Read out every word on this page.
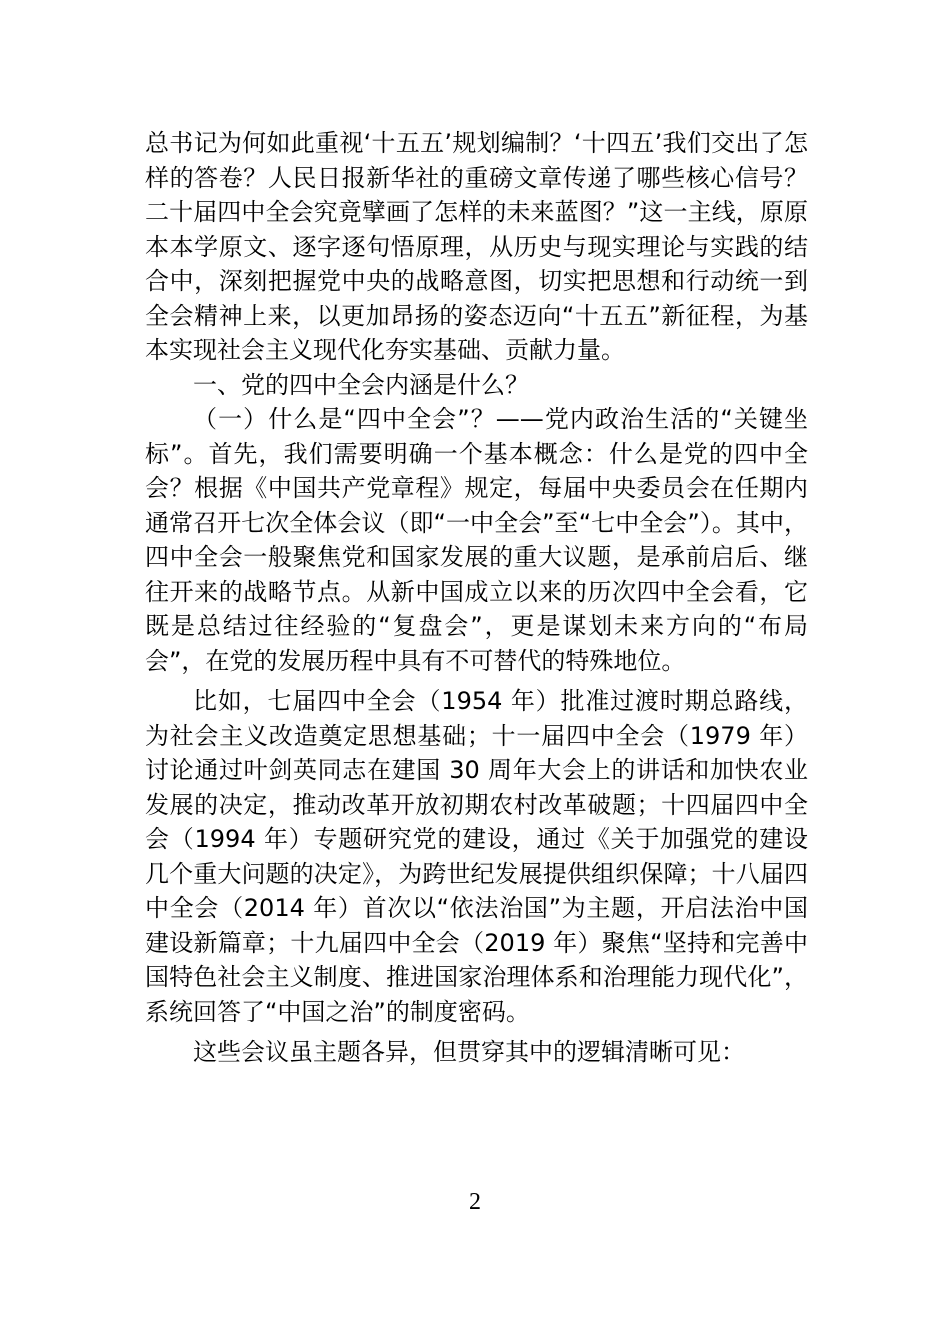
总书记为何如此重视‘十五五’规划编制？‘十四五’我们交出了怎样的答卷？人民日报新华社的重磅文章传递了哪些核心信号？二十届四中全会究竟擘画了怎样的未来蓝图？”这一主线，原原本本学原文、逐字逐句悟原理，从历史与现实理论与实践的结合中，深刻把握党中央的战略意图，切实把思想和行动统一到全会精神上来，以更加昂扬的姿态迈向“十五五”新征程，为基本实现社会主义现代化夯实基础、贡献力量。

一、党的四中全会内涵是什么？

（一）什么是“四中全会”？——党内政治生活的“关键坐标”。首先，我们需要明确一个基本概念：什么是党的四中全会？根据《中国共产党章程》规定，每届中央委员会在任期内通常召开七次全体会议（即“一中全会”至“七中全会”）。其中，四中全会一般聚焦党和国家发展的重大议题，是承前启后、继往开来的战略节点。从新中国成立以来的历次四中全会看，它既是总结过往经验的“复盘会”，更是谋划未来方向的“布局会”，在党的发展历程中具有不可替代的特殊地位。

比如，七届四中全会（1954 年）批准过渡时期总路线，为社会主义改造奠定思想基础；十一届四中全会（1979 年）讨论通过叶剑英同志在建国 30 周年大会上的讲话和加快农业发展的决定，推动改革开放初期农村改革破题；十四届四中全会（1994 年）专题研究党的建设，通过《关于加强党的建设几个重大问题的决定》，为跨世纪发展提供组织保障；十八届四中全会（2014 年）首次以“依法治国”为主题，开启法治中国建设新篇章；十九届四中全会（2019 年）聚焦“坚持和完善中国特色社会主义制度、推进国家治理体系和治理能力现代化”，系统回答了“中国之治”的制度密码。

这些会议虽主题各异，但贯穿其中的逻辑清晰可见：

2
